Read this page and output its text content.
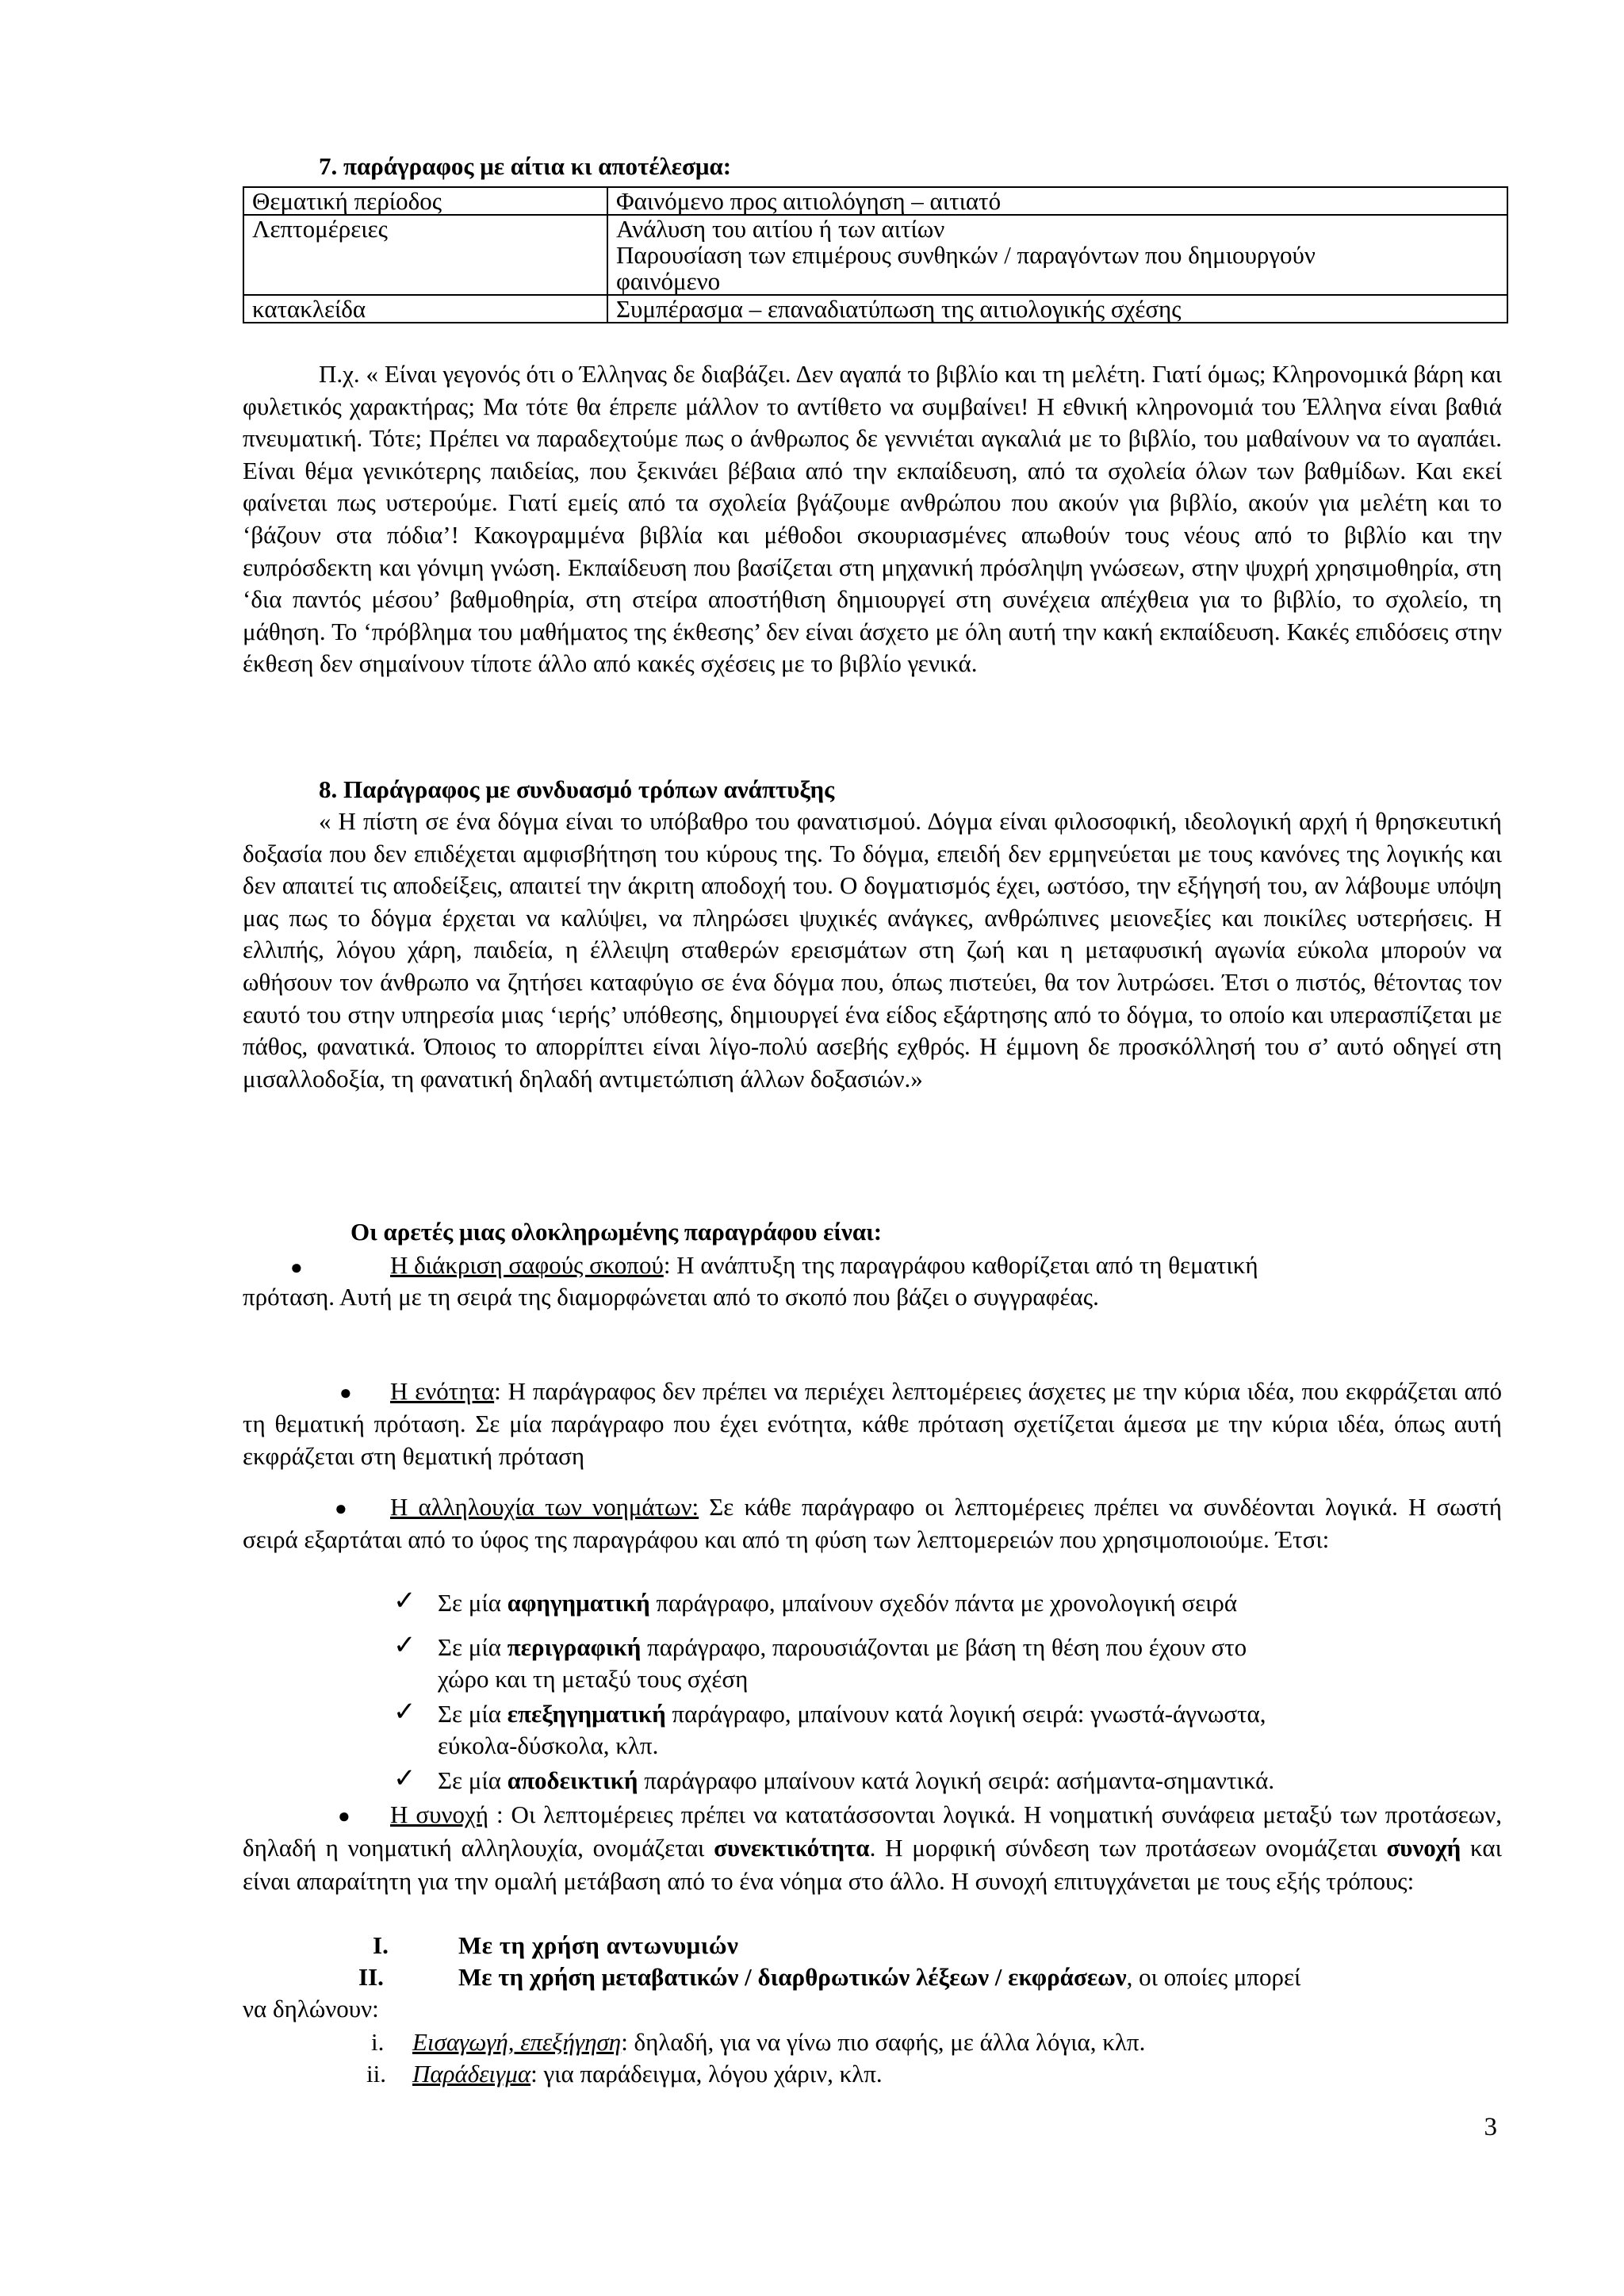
7. παράγραφος με αίτια κι αποτέλεσμα:
Θεματική περίοδος	Φαινόμενο προς αιτιολόγηση – αιτιατό

Λεπτομέρειες	Ανάλυση του αιτίου ή των αιτίων
Παρουσίαση των επιμέρους συνθηκών / παραγόντων που δημιουργούν
φαινόμενο

κατακλείδα	Συμπέρασμα – επαναδιατύπωση της αιτιολογικής σχέσης
Π.χ. « Είναι γεγονός ότι ο Έλληνας δε διαβάζει. Δεν αγαπά το βιβλίο και τη μελέτη. Γιατί όμως; Κληρονομικά βάρη και φυλετικός χαρακτήρας; Μα τότε θα έπρεπε μάλλον το αντίθετο να συμβαίνει! Η εθνική κληρονομιά του Έλληνα είναι βαθιά πνευματική. Τότε; Πρέπει να παραδεχτούμε πως ο άνθρωπος δε γεννιέται αγκαλιά με το βιβλίο, του μαθαίνουν να το αγαπάει. Είναι θέμα γενικότερης παιδείας, που ξεκινάει βέβαια από την εκπαίδευση, από τα σχολεία όλων των βαθμίδων. Και εκεί φαίνεται πως υστερούμε. Γιατί εμείς από τα σχολεία βγάζουμε ανθρώπου που ακούν για βιβλίο, ακούν για μελέτη και το ‘βάζουν στα πόδια’! Κακογραμμένα βιβλία και μέθοδοι σκουριασμένες απωθούν τους νέους από το βιβλίο και την ευπρόσδεκτη και γόνιμη γνώση. Εκπαίδευση που βασίζεται στη μηχανική πρόσληψη γνώσεων, στην ψυχρή χρησιμοθηρία, στη ‘δια παντός μέσου’ βαθμοθηρία, στη στείρα αποστήθιση δημιουργεί στη συνέχεια απέχθεια για το βιβλίο, το σχολείο, τη μάθηση. Το ‘πρόβλημα του μαθήματος της έκθεσης’ δεν είναι άσχετο με όλη αυτή την κακή εκπαίδευση. Κακές επιδόσεις στην έκθεση δεν σημαίνουν τίποτε άλλο από κακές σχέσεις με το βιβλίο γενικά.
8. Παράγραφος με συνδυασμό τρόπων ανάπτυξης
« Η πίστη σε ένα δόγμα είναι το υπόβαθρο του φανατισμού. Δόγμα είναι φιλοσοφική, ιδεολογική αρχή ή θρησκευτική δοξασία που δεν επιδέχεται αμφισβήτηση του κύρους της. Το δόγμα, επειδή δεν ερμηνεύεται με τους κανόνες της λογικής και δεν απαιτεί τις αποδείξεις, απαιτεί την άκριτη αποδοχή του. Ο δογματισμός έχει, ωστόσο, την εξήγησή του, αν λάβουμε υπόψη μας πως το δόγμα έρχεται να καλύψει, να πληρώσει ψυχικές ανάγκες, ανθρώπινες μειονεξίες και ποικίλες υστερήσεις. Η ελλιπής, λόγου χάρη, παιδεία, η έλλειψη σταθερών ερεισμάτων στη ζωή και η μεταφυσική αγωνία εύκολα μπορούν να ωθήσουν τον άνθρωπο να ζητήσει καταφύγιο σε ένα δόγμα που, όπως πιστεύει, θα τον λυτρώσει. Έτσι ο πιστός, θέτοντας τον εαυτό του στην υπηρεσία μιας ‘ιερής’ υπόθεσης, δημιουργεί ένα είδος εξάρτησης από το δόγμα, το οποίο και υπερασπίζεται με πάθος, φανατικά. Όποιος το απορρίπτει είναι λίγο-πολύ ασεβής εχθρός. Η έμμονη δε προσκόλλησή του σ’ αυτό οδηγεί στη μισαλλοδοξία, τη φανατική δηλαδή αντιμετώπιση άλλων δοξασιών.»
Οι αρετές μιας ολοκληρωμένης παραγράφου είναι:
●	Η διάκριση σαφούς σκοπού: Η ανάπτυξη της παραγράφου καθορίζεται από τη θεματική
πρόταση. Αυτή με τη σειρά της διαμορφώνεται από το σκοπό που βάζει ο συγγραφέας.
●	Η ενότητα: Η παράγραφος δεν πρέπει να περιέχει λεπτομέρειες άσχετες με την κύρια ιδέα, που εκφράζεται από τη θεματική πρόταση. Σε μία παράγραφο που έχει ενότητα, κάθε πρόταση σχετίζεται άμεσα με την κύρια ιδέα, όπως αυτή εκφράζεται στη θεματική πρόταση
●	Η αλληλουχία των νοημάτων: Σε κάθε παράγραφο οι λεπτομέρειες πρέπει να συνδέονται λογικά. Η σωστή σειρά εξαρτάται από το ύφος της παραγράφου και από τη φύση των λεπτομερειών που χρησιμοποιούμε. Έτσι:
✓ Σε μία αφηγηματική παράγραφο, μπαίνουν σχεδόν πάντα με χρονολογική σειρά
✓ Σε μία περιγραφική παράγραφο, παρουσιάζονται με βάση τη θέση που έχουν στο
χώρο και τη μεταξύ τους σχέση
✓ Σε μία επεξηγηματική παράγραφο, μπαίνουν κατά λογική σειρά: γνωστά-άγνωστα,
εύκολα-δύσκολα, κλπ.
✓ Σε μία αποδεικτική παράγραφο μπαίνουν κατά λογική σειρά: ασήμαντα-σημαντικά.
●	Η συνοχή : Οι λεπτομέρειες πρέπει να κατατάσσονται λογικά. Η νοηματική συνάφεια μεταξύ των προτάσεων, δηλαδή η νοηματική αλληλουχία, ονομάζεται συνεκτικότητα. Η μορφική σύνδεση των προτάσεων ονομάζεται συνοχή και είναι απαραίτητη για την ομαλή μετάβαση από το ένα νόημα στο άλλο. Η συνοχή επιτυγχάνεται με τους εξής τρόπους:
I.	Με τη χρήση αντωνυμιών
II.	Με τη χρήση μεταβατικών / διαρθρωτικών λέξεων / εκφράσεων, οι οποίες μπορεί
να δηλώνουν:
i. Εισαγωγή, επεξήγηση: δηλαδή, για να γίνω πιο σαφής, με άλλα λόγια, κλπ.
ii. Παράδειγμα: για παράδειγμα, λόγου χάριν, κλπ.
3
